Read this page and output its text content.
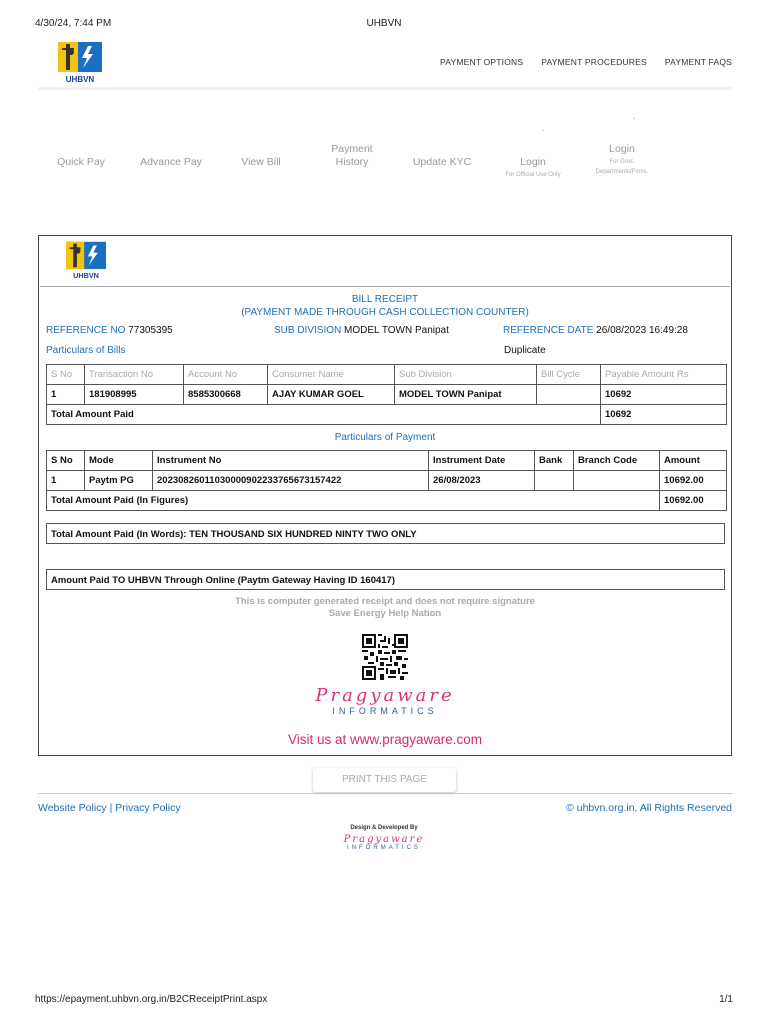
4/30/24, 7:44 PM	UHBVN
UHBVN
PAYMENT OPTIONS PAYMENT PROCEDURES PAYMENT FAQS
.
.
Quick Pay	Advance Pay	View Bill
Payment
History	Update KYC	Login
For Official Use Only
Login
For Govt.
Departments/Firms.
UHBVN
BILL RECEIPT
(PAYMENT MADE THROUGH CASH COLLECTION COUNTER)
REFERENCE NO 77305395	SUB DIVISION MODEL TOWN Panipat	REFERENCE DATE 26/08/2023 16:49:28
Particulars of Bills	Duplicate
S No	Transaction No	Account No	Consumer Name	Sub Division	Bill Cycle	Payable Amount Rs
1	181908995	8585300668	AJAY KUMAR GOEL	MODEL TOWN Panipat		10692
Total Amount Paid						10692
Particulars of Payment
S No	Mode	Instrument No	Instrument Date	Bank	Branch Code	Amount
1	Paytm PG	20230826011030000902233765673157422	26/08/2023			10692.00
Total Amount Paid (In Figures)						10692.00
Total Amount Paid (In Words): TEN THOUSAND SIX HUNDRED NINTY TWO ONLY
Amount Paid TO UHBVN Through Online (Paytm Gateway Having ID 160417)
This is computer generated receipt and does not require signature
Save Energy Help Nation
Pragyaware
INFORMATICS
Visit us at www.pragyaware.com
PRINT THIS PAGE
Website Policy | Privacy Policy	© uhbvn.org.in, All Rights Reserved
Design & Developed By
Pragyaware
INFORMATICS
https://epayment.uhbvn.org.in/B2CReceiptPrint.aspx	1/1
